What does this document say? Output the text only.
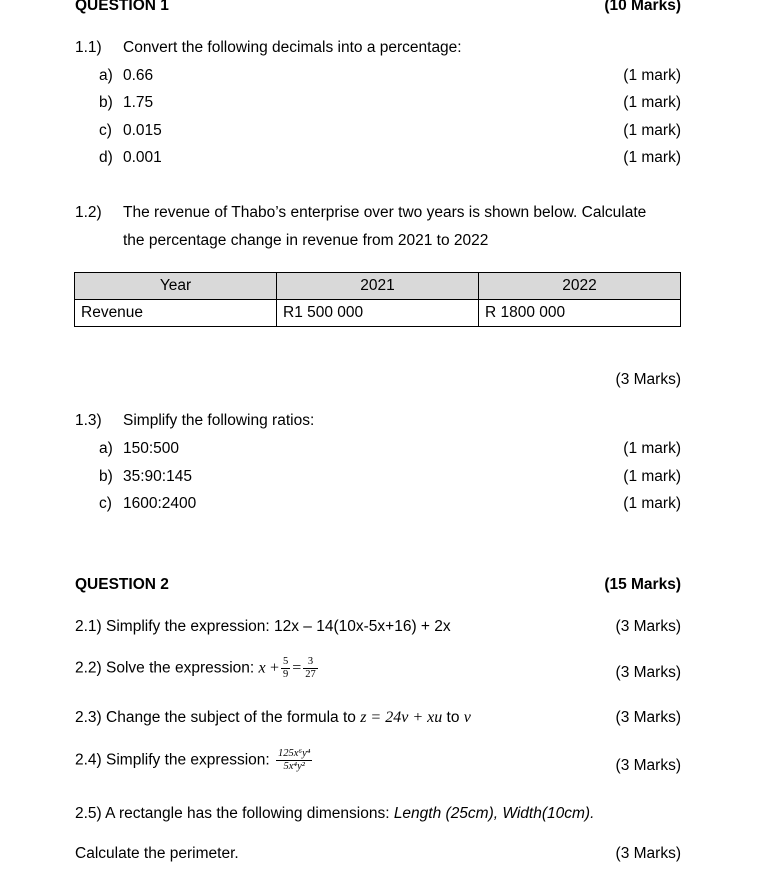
QUESTION 1	(10 Marks)
1.1) Convert the following decimals into a percentage:
a) 0.66	(1 mark)
b) 1.75	(1 mark)
c) 0.015	(1 mark)
d) 0.001	(1 mark)
1.2) The revenue of Thabo’s enterprise over two years is shown below. Calculate
the percentage change in revenue from 2021 to 2022
Year	2021	2022
Revenue	R1 500 000	R 1800 000
(3 Marks)
1.3) Simplify the following ratios:
a) 150:500	(1 mark)
b) 35:90:145	(1 mark)
c) 1600:2400	(1 mark)
QUESTION 2	(15 Marks)
2.1) Simplify the expression: 12x – 14(10x-5x+16) + 2x	(3 Marks)
2.2) Solve the expression: $x + \frac{5}{9} = \frac{3}{27}$	(3 Marks)
2.3) Change the subject of the formula to z = 24v + xu to v	(3 Marks)
2.4) Simplify the expression: $\frac{\text{125x⁶y⁴}}{\text{5x⁴y²}}$	(3 Marks)
2.5) A rectangle has the following dimensions: Length (25cm), Width(10cm).
Calculate the perimeter.	(3 Marks)
